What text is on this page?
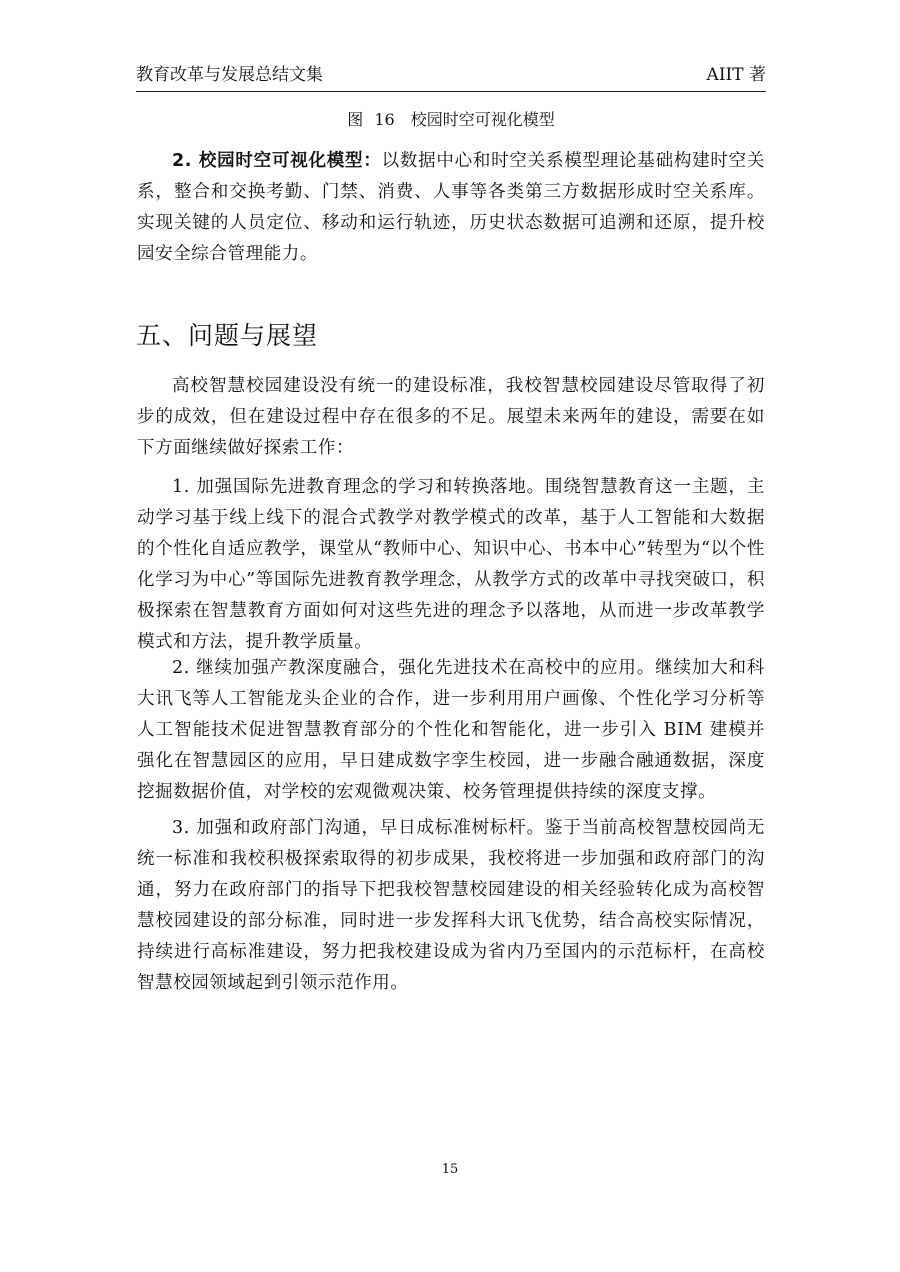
教育改革与发展总结文集	AIIT 著
图 16　校园时空可视化模型

2. 校园时空可视化模型：以数据中心和时空关系模型理论基础构建时空关系，整合和交换考勤、门禁、消费、人事等各类第三方数据形成时空关系库。实现关键的人员定位、移动和运行轨迹，历史状态数据可追溯和还原，提升校园安全综合管理能力。

五、问题与展望

高校智慧校园建设没有统一的建设标准，我校智慧校园建设尽管取得了初步的成效，但在建设过程中存在很多的不足。展望未来两年的建设，需要在如下方面继续做好探索工作：

1. 加强国际先进教育理念的学习和转换落地。围绕智慧教育这一主题，主动学习基于线上线下的混合式教学对教学模式的改革，基于人工智能和大数据的个性化自适应教学，课堂从“教师中心、知识中心、书本中心”转型为“以个性化学习为中心”等国际先进教育教学理念，从教学方式的改革中寻找突破口，积极探索在智慧教育方面如何对这些先进的理念予以落地，从而进一步改革教学模式和方法，提升教学质量。

2. 继续加强产教深度融合，强化先进技术在高校中的应用。继续加大和科大讯飞等人工智能龙头企业的合作，进一步利用用户画像、个性化学习分析等人工智能技术促进智慧教育部分的个性化和智能化，进一步引入 BIM 建模并强化在智慧园区的应用，早日建成数字孪生校园，进一步融合融通数据，深度挖掘数据价值，对学校的宏观微观决策、校务管理提供持续的深度支撑。

3. 加强和政府部门沟通，早日成标准树标杆。鉴于当前高校智慧校园尚无统一标准和我校积极探索取得的初步成果，我校将进一步加强和政府部门的沟通，努力在政府部门的指导下把我校智慧校园建设的相关经验转化成为高校智慧校园建设的部分标准，同时进一步发挥科大讯飞优势，结合高校实际情况，持续进行高标准建设，努力把我校建设成为省内乃至国内的示范标杆，在高校智慧校园领域起到引领示范作用。

15
